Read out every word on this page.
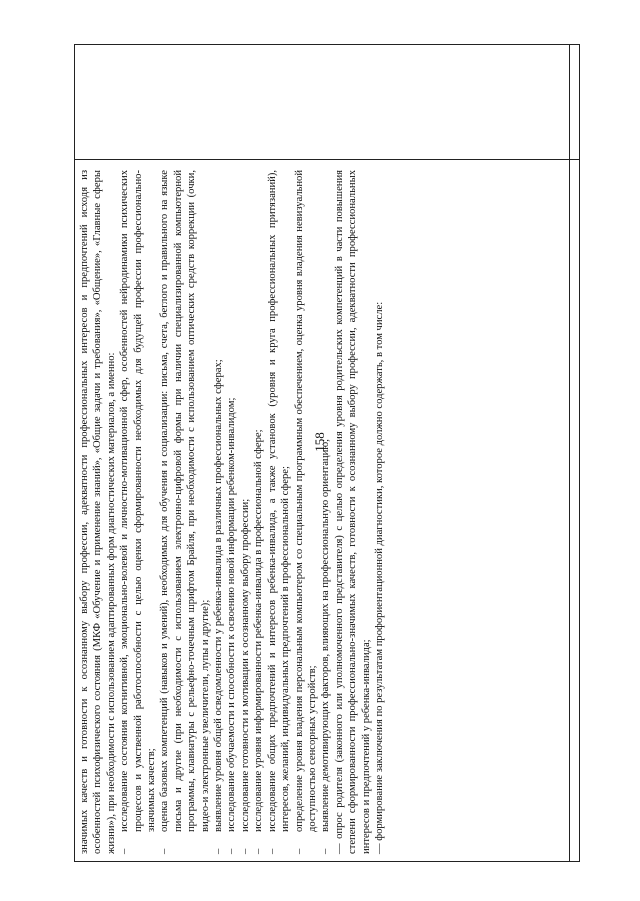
158

значимых качеств и готовности к осознанному выбору профессии, адекватности профессиональных интересов и предпочтений исходя из особенностей психофизического состояния (МКФ «Обучение и применение знаний», «Общие задачи и требования», «Общение», «Главные сферы жизни»), при необходимости с использованием адаптированных форм диагностических материалов, а именно: –
исследование состояния когнитивной, эмоционально-волевой и личностно-мотивационной сфер, особенностей нейродинамики психических процессов и умственной работоспособности с целью оценки сформированности необходимых для будущей профессии профессионально-значимых качеств;
–
оценка базовых компетенций (навыков и умений), необходимых для обучения и социализации: письма, счета, беглого и правильного на языке письма и другие (при необходимости с использованием электронно-цифровой формы при наличии специализированной компьютерной программы, клавиатуры с рельефно-точечным шрифтом Брайля, при необходимости с использованием оптических средств коррекции (очки, видео-и электронные увеличители, лупы и другие);
–
выявление уровня общей осведомленности у ребенка-инвалида в различных профессиональных сферах;
–
исследование обучаемости и способности к освоению новой информации ребенком-инвалидом;
–
исследование готовности и мотивации к осознанному выбору профессии;
–
исследование уровня информированности ребенка-инвалида в профессиональной сфере;
–
исследование общих предпочтений и интересов ребенка-инвалида, а также установок (уровня и круга профессиональных притязаний), интересов, желаний, индивидуальных предпочтений в профессиональной сфере;
–
определение уровня владения персональным компьютером со специальным программным обеспечением, оценка уровня владения невизуальной доступностью сенсорных устройств;
–
выявление демотивирующих факторов, влияющих на профессиональную ориентацию; — опрос родителя (законного или уполномоченного представителя) с целью определения уровня родительских компетенций в части повышения степени сформированности профессионально-значимых качеств, готовности к осознанному выбору профессии, адекватности профессиональных интересов и предпочтений у ребенка-инвалида; — формирование заключения по результатам профориентационной диагностики, которое должно содержать, в том числе:
